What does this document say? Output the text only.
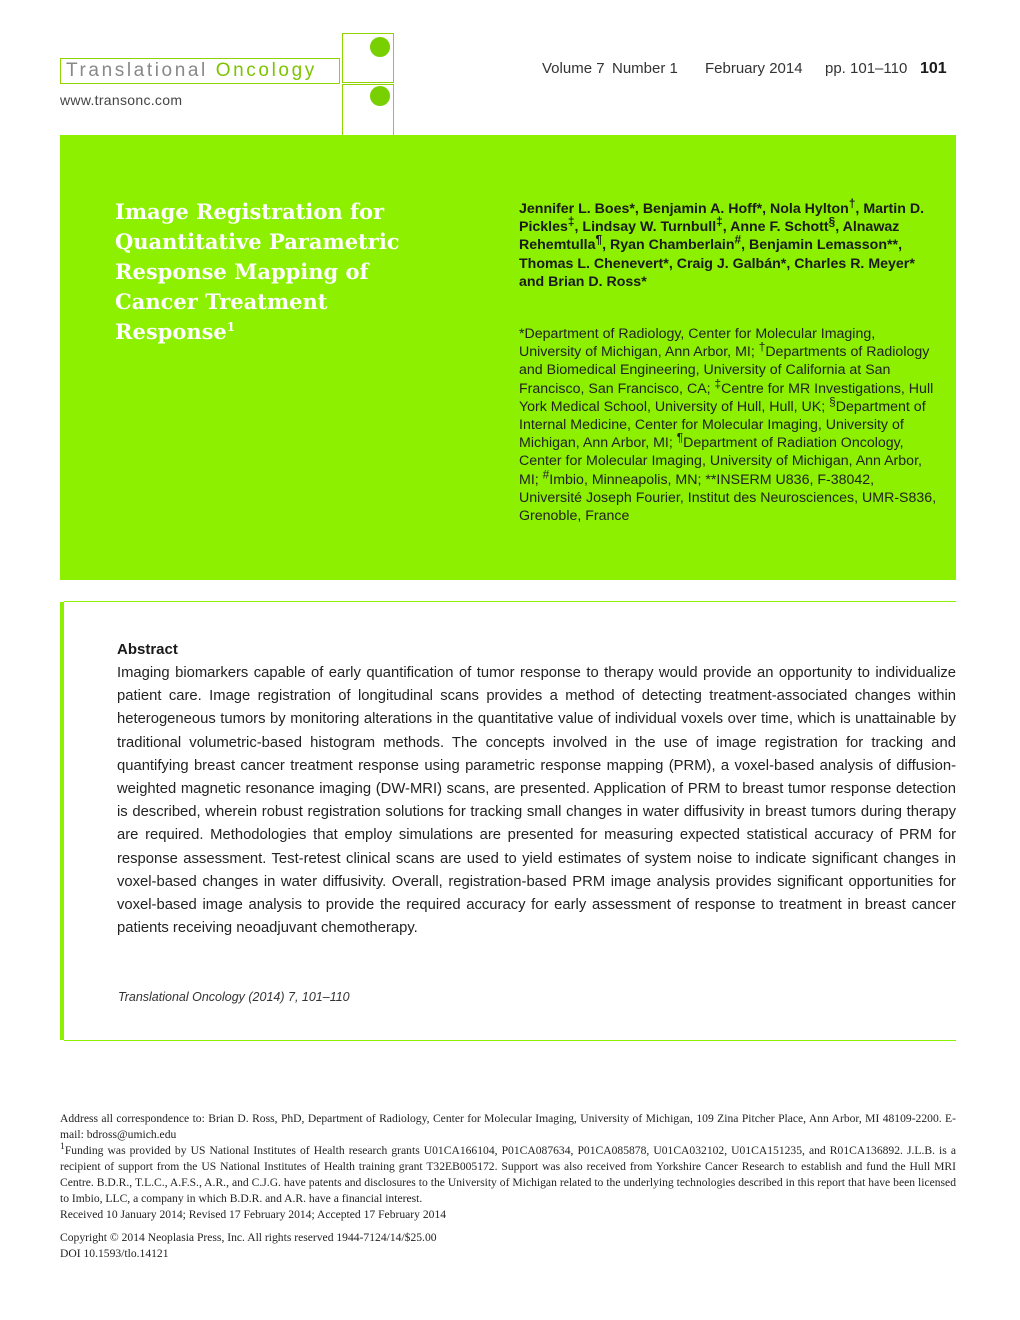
Translational Oncology
www.transonc.com
Volume 7 Number 1 February 2014 pp. 101–110 101
Image Registration for Quantitative Parametric Response Mapping of Cancer Treatment Response$^1$
Jennifer L. Boes*, Benjamin A. Hoff*, Nola Hylton†, Martin D. Pickles‡, Lindsay W. Turnbull‡, Anne F. Schott§, Alnawaz Rehemtulla¶, Ryan Chamberlain#, Benjamin Lemasson**, Thomas L. Chenevert*, Craig J. Galbán*, Charles R. Meyer* and Brian D. Ross*
*Department of Radiology, Center for Molecular Imaging, University of Michigan, Ann Arbor, MI; †Departments of Radiology and Biomedical Engineering, University of California at San Francisco, San Francisco, CA; ‡Centre for MR Investigations, Hull York Medical School, University of Hull, Hull, UK; §Department of Internal Medicine, Center for Molecular Imaging, University of Michigan, Ann Arbor, MI; ¶Department of Radiation Oncology, Center for Molecular Imaging, University of Michigan, Ann Arbor, MI; #Imbio, Minneapolis, MN; **INSERM U836, F-38042, Université Joseph Fourier, Institut des Neurosciences, UMR-S836, Grenoble, France
Abstract
Imaging biomarkers capable of early quantification of tumor response to therapy would provide an opportunity to individualize patient care. Image registration of longitudinal scans provides a method of detecting treatment-associated changes within heterogeneous tumors by monitoring alterations in the quantitative value of individual voxels over time, which is unattainable by traditional volumetric-based histogram methods. The concepts involved in the use of image registration for tracking and quantifying breast cancer treatment response using parametric response mapping (PRM), a voxel-based analysis of diffusion-weighted magnetic resonance imaging (DW-MRI) scans, are presented. Application of PRM to breast tumor response detection is described, wherein robust registration solutions for tracking small changes in water diffusivity in breast tumors during therapy are required. Methodologies that employ simulations are presented for measuring expected statistical accuracy of PRM for response assessment. Test-retest clinical scans are used to yield estimates of system noise to indicate significant changes in voxel-based changes in water diffusivity. Overall, registration-based PRM image analysis provides significant opportunities for voxel-based image analysis to provide the required accuracy for early assessment of response to treatment in breast cancer patients receiving neoadjuvant chemotherapy.
Translational Oncology (2014) 7, 101–110

Address all correspondence to: Brian D. Ross, PhD, Department of Radiology, Center for Molecular Imaging, University of Michigan, 109 Zina Pitcher Place, Ann Arbor, MI 48109-2200. E-mail: bdross@umich.edu

$^1$Funding was provided by US National Institutes of Health research grants U01CA166104, P01CA087634, P01CA085878, U01CA032102, U01CA151235, and R01CA136892. J.L.B. is a recipient of support from the US National Institutes of Health training grant T32EB005172. Support was also received from Yorkshire Cancer Research to establish and fund the Hull MRI Centre. B.D.R., T.L.C., A.F.S., A.R., and C.J.G. have patents and disclosures to the University of Michigan related to the underlying technologies described in this report that have been licensed to Imbio, LLC, a company in which B.D.R. and A.R. have a financial interest.

Received 10 January 2014; Revised 17 February 2014; Accepted 17 February 2014

Copyright © 2014 Neoplasia Press, Inc. All rights reserved 1944-7124/14/$25.00

DOI 10.1593/tlo.14121
